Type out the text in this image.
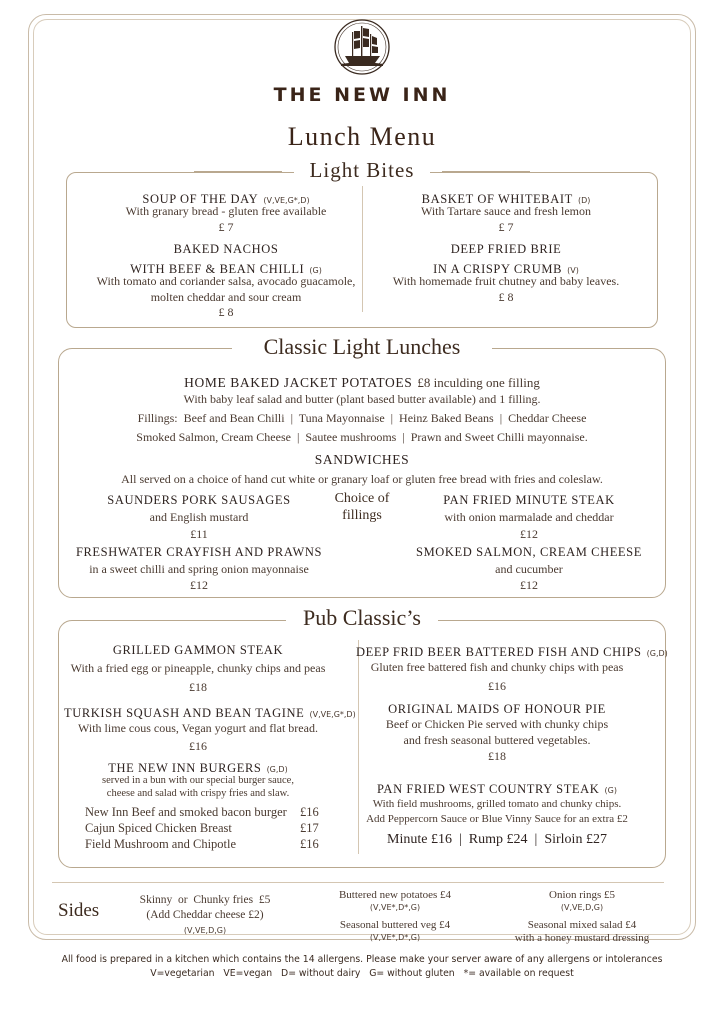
THE NEW INN
Lunch Menu
Light Bites
SOUP OF THE DAY (V,VE,G*,D)
With granary bread - gluten free available
£ 7
BASKET OF WHITEBAIT (D)
With Tartare sauce and fresh lemon
£ 7
BAKED NACHOS
WITH BEEF & BEAN CHILLI (G)
With tomato and coriander salsa, avocado guacamole,
molten cheddar and sour cream
£ 8
DEEP FRIED BRIE
IN A CRISPY CRUMB (V)
With homemade fruit chutney and baby leaves.
£ 8
Classic Light Lunches
HOME BAKED JACKET POTATOES £8 inculding one filling
With baby leaf salad and butter (plant based butter available) and 1 filling.
Fillings:  Beef and Bean Chilli  |  Tuna Mayonnaise  |  Heinz Baked Beans  |  Cheddar Cheese
Smoked Salmon, Cream Cheese  |  Sautee mushrooms  |  Prawn and Sweet Chilli mayonnaise.
SANDWICHES
All served on a choice of hand cut white or granary loaf or gluten free bread with fries and coleslaw.
Choice of
fillings
SAUNDERS PORK SAUSAGES
and English mustard
£11
PAN FRIED MINUTE STEAK
with onion marmalade and cheddar
£12
FRESHWATER CRAYFISH AND PRAWNS
in a sweet chilli and spring onion mayonnaise
£12
SMOKED SALMON, CREAM CHEESE
and cucumber
£12
Pub Classic’s
GRILLED GAMMON STEAK
With a fried egg or pineapple, chunky chips and peas
£18
TURKISH SQUASH AND BEAN TAGINE (V,VE,G*,D)
With lime cous cous, Vegan yogurt and flat bread.
£16
THE NEW INN BURGERS (G,D)
served in a bun with our special burger sauce,
cheese and salad with crispy fries and slaw.
New Inn Beef and smoked bacon burger £16
Cajun Spiced Chicken Breast	£17
Field Mushroom and Chipotle	£16
DEEP FRID BEER BATTERED FISH AND CHIPS (G,D)
Gluten free battered fish and chunky chips with peas
£16
ORIGINAL MAIDS OF HONOUR PIE
Beef or Chicken Pie served with chunky chips
and fresh seasonal buttered vegetables.
£18
PAN FRIED WEST COUNTRY STEAK (G)
With field mushrooms, grilled tomato and chunky chips.
Add Peppercorn Sauce or Blue Vinny Sauce for an extra £2
Minute £16  |  Rump £24  |  Sirloin £27
Sides	Skinny  or  Chunky fries  £5
(Add Cheddar cheese £2)
(V,VE,D,G)
Buttered new potatoes £4
(V,VE*,D*,G)
Seasonal buttered veg £4
(V,VE*,D*,G)
Onion rings £5
(V,VE,D,G)
Seasonal mixed salad £4
with a honey mustard dressing
All food is prepared in a kitchen which contains the 14 allergens. Please make your server aware of any allergens or intolerances
V=vegetarian   VE=vegan   D= without dairy   G= without gluten   *= available on request
